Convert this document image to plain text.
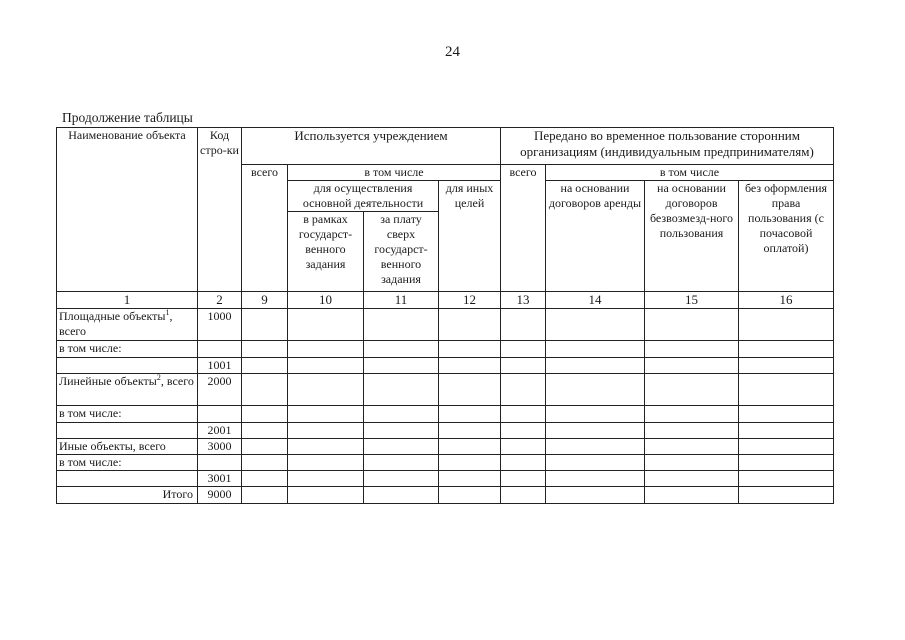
24
Продолжение таблицы
Наименование объекта	Код стро-ки	Используется учреждением				Передано во временное пользование сторонним организациям (индивидуальным предпринимателям)			
		всего	в том числе			всего	в том числе		
			для осуществления основной деятельности		для иных целей		на основании договоров аренды	на основании договоров безвозмезд-ного пользования	без оформления права пользования (с почасовой оплатой)
			в рамках государст-венного задания	за плату сверх государст-венного задания					

1	2	9	10	11	12	13	14	15	16
Площадные объекты$^1$, всего	1000								
в том числе:									
	1001								
Линейные объекты$^2$, всего	2000								
в том числе:									
	2001								
Иные объекты, всего	3000								
в том числе:									
	3001								
Итого	9000								
